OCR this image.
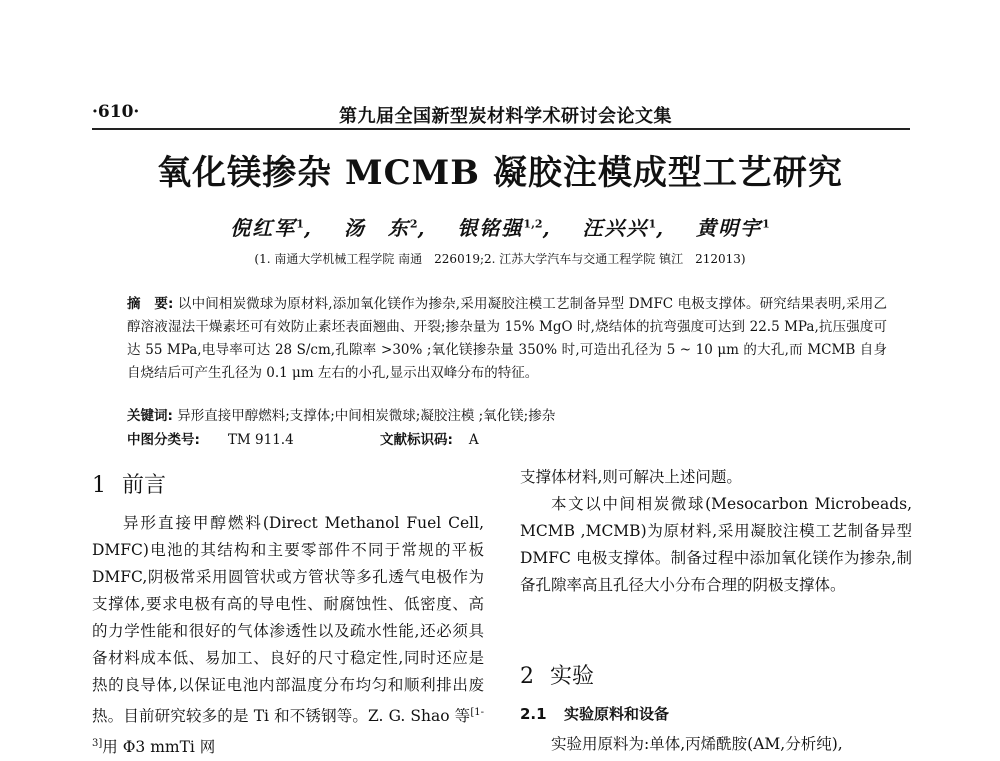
·610·	第九届全国新型炭材料学术研讨会论文集
氧化镁掺杂 MCMB 凝胶注模成型工艺研究
倪红军$^1$,　 汤　东$^2$,　 银铭强$^{1,2}$,　 汪兴兴$^1$,　 黄明宇$^1$
(1. 南通大学机械工程学院 南通　226019;2. 江苏大学汽车与交通工程学院 镇江　212013)
摘　要: 以中间相炭微球为原材料,添加氧化镁作为掺杂,采用凝胶注模工艺制备异型 DMFC 电极支撑体。研究结果表明,采用乙醇溶液湿法干燥素坯可有效防止素坯表面翘曲、开裂;掺杂量为 15% MgO 时,烧结体的抗弯强度可达到 22.5 MPa,抗压强度可达 55 MPa,电导率可达 28 S/cm,孔隙率 >30% ;氧化镁掺杂量 350% 时,可造出孔径为 5 ~ 10 μm 的大孔,而 MCMB 自身自烧结后可产生孔径为 0.1 μm 左右的小孔,显示出双峰分布的特征。
关键词: 异形直接甲醇燃料;支撑体;中间相炭微球;凝胶注模 ;氧化镁;掺杂
中图分类号: TM 911.4	文献标识码: A
1 前言

异形直接甲醇燃料(Direct Methanol Fuel Cell, DMFC)电池的其结构和主要零部件不同于常规的平板 DMFC,阴极常采用圆管状或方管状等多孔透气电极作为支撑体,要求电极有高的导电性、耐腐蚀性、低密度、高的力学性能和很好的气体渗透性以及疏水性能,还必须具备材料成本低、易加工、良好的尺寸稳定性,同时还应是热的良导体,以保证电池内部温度分布均匀和顺利排出废热。目前研究较多的是 Ti 和不锈钢等。Z. G. Shao 等[1-3]用 Φ3 mmTi 网

支撑体材料,则可解决上述问题。

本文以中间相炭微球(Mesocarbon Microbeads, MCMB ,MCMB)为原材料,采用凝胶注模工艺制备异型 DMFC 电极支撑体。制备过程中添加氧化镁作为掺杂,制备孔隙率高且孔径大小分布合理的阴极支撑体。

2 实验
2.1 实验原料和设备

实验用原料为:单体,丙烯酰胺(AM,分析纯),
